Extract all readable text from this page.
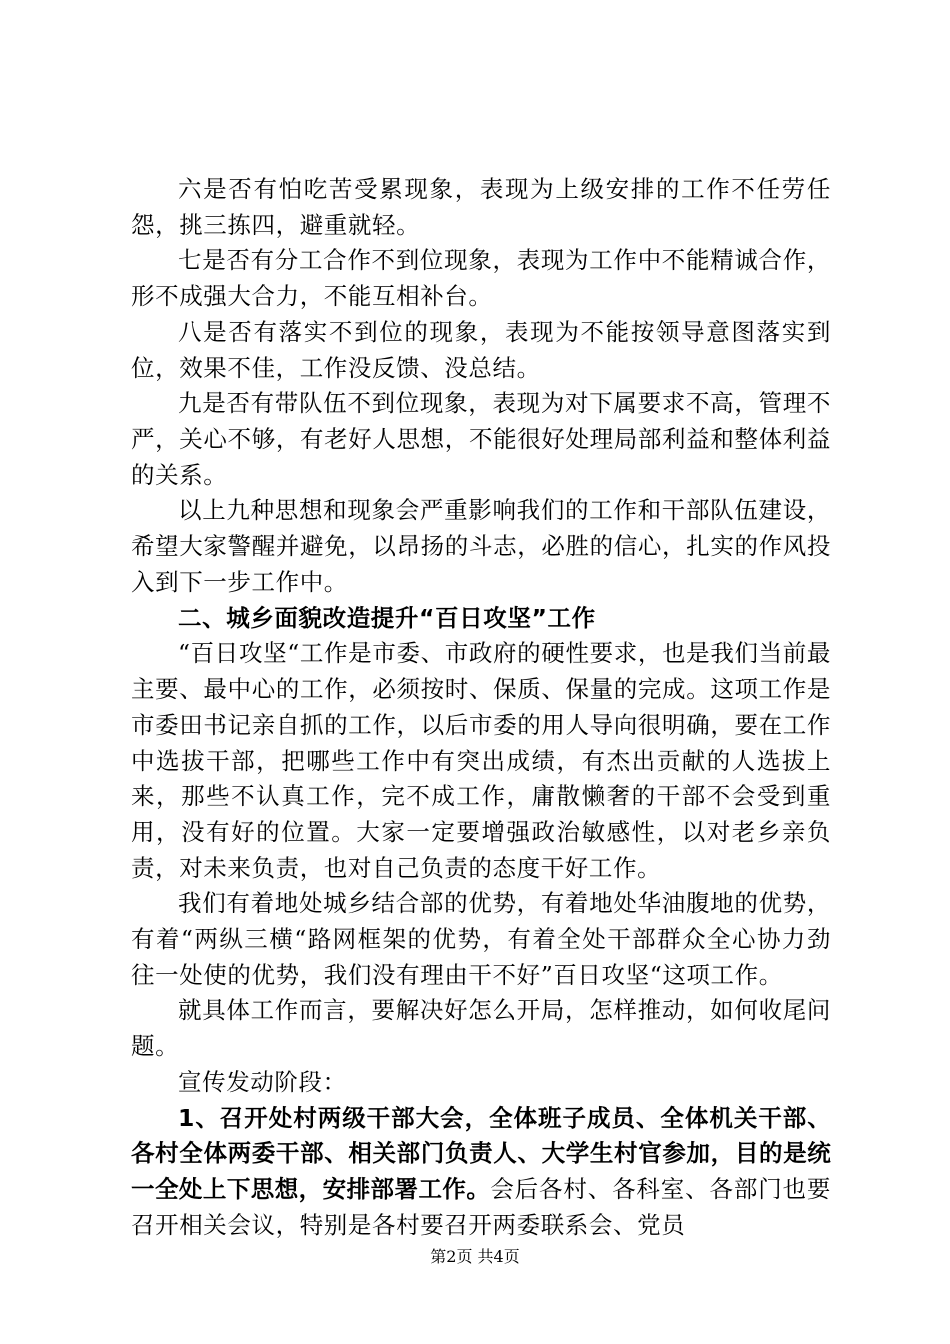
六是否有怕吃苦受累现象，表现为上级安排的工作不任劳任怨，挑三拣四，避重就轻。

七是否有分工合作不到位现象，表现为工作中不能精诚合作，形不成强大合力，不能互相补台。

八是否有落实不到位的现象，表现为不能按领导意图落实到位，效果不佳，工作没反馈、没总结。

九是否有带队伍不到位现象，表现为对下属要求不高，管理不严，关心不够，有老好人思想，不能很好处理局部利益和整体利益的关系。

以上九种思想和现象会严重影响我们的工作和干部队伍建设，希望大家警醒并避免，以昂扬的斗志，必胜的信心，扎实的作风投入到下一步工作中。

二、城乡面貌改造提升“百日攻坚”工作

“百日攻坚“工作是市委、市政府的硬性要求，也是我们当前最主要、最中心的工作，必须按时、保质、保量的完成。这项工作是市委田书记亲自抓的工作，以后市委的用人导向很明确，要在工作中选拔干部，把哪些工作中有突出成绩，有杰出贡献的人选拔上来，那些不认真工作，完不成工作，庸散懒奢的干部不会受到重用，没有好的位置。大家一定要增强政治敏感性，以对老乡亲负责，对未来负责，也对自己负责的态度干好工作。

我们有着地处城乡结合部的优势，有着地处华油腹地的优势，有着“两纵三横“路网框架的优势，有着全处干部群众全心协力劲往一处使的优势，我们没有理由干不好”百日攻坚“这项工作。

就具体工作而言，要解决好怎么开局，怎样推动，如何收尾问题。

宣传发动阶段：

1、召开处村两级干部大会，全体班子成员、全体机关干部、各村全体两委干部、相关部门负责人、大学生村官参加，目的是统一全处上下思想，安排部署工作。会后各村、各科室、各部门也要召开相关会议，特别是各村要召开两委联系会、党员

第2页 共4页
